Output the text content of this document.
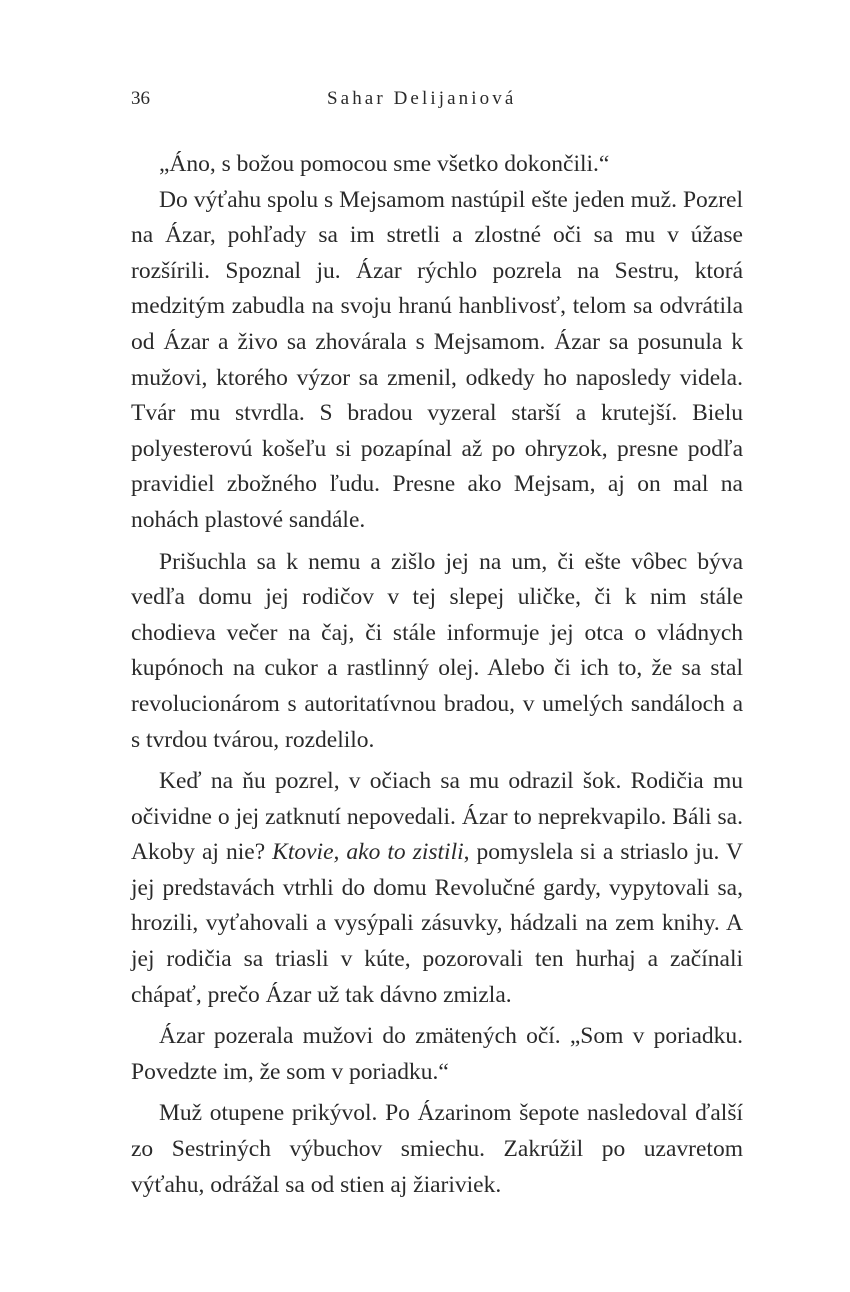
36	Sahar Delijaniová

„Áno, s božou pomocou sme všetko dokončili.“

Do výťahu spolu s Mejsamom nastúpil ešte jeden muž. Pozrel na Ázar, pohľady sa im stretli a zlostné oči sa mu v úžase rozšírili. Spoznal ju. Ázar rýchlo pozrela na Sestru, ktorá medzitým zabudla na svoju hranú hanblivosť, telom sa odvrátila od Ázar a živo sa zhovárala s Mejsamom. Ázar sa posunula k mužovi, ktorého výzor sa zmenil, odkedy ho naposledy videla. Tvár mu stvrdla. S bradou vyzeral starší a krutejší. Bielu polyesterovú košeľu si pozapínal až po ohryzok, presne podľa pravidiel zbožného ľudu. Presne ako Mejsam, aj on mal na nohách plastové sandále.

Prišuchla sa k nemu a zišlo jej na um, či ešte vôbec býva vedľa domu jej rodičov v tej slepej uličke, či k nim stále chodieva večer na čaj, či stále informuje jej otca o vládnych kupónoch na cukor a rastlinný olej. Alebo či ich to, že sa stal revolucionárom s autoritatívnou bradou, v umelých sandáloch a s tvrdou tvárou, rozdelilo.

Keď na ňu pozrel, v očiach sa mu odrazil šok. Rodičia mu očividne o jej zatknutí nepovedali. Ázar to neprekvapilo. Báli sa. Akoby aj nie? Ktovie, ako to zistili, pomyslela si a striaslo ju. V jej predstavách vtrhli do domu Revolučné gardy, vypytovali sa, hrozili, vyťahovali a vysýpali zásuvky, hádzali na zem knihy. A jej rodičia sa triasli v kúte, pozorovali ten hurhaj a začínali chápať, prečo Ázar už tak dávno zmizla.

Ázar pozerala mužovi do zmätených očí. „Som v poriadku. Povedzte im, že som v poriadku.“

Muž otupene prikývol. Po Ázarinom šepote nasledoval ďalší zo Sestriných výbuchov smiechu. Zakrúžil po uzavretom výťahu, odrážal sa od stien aj žiariviek.
